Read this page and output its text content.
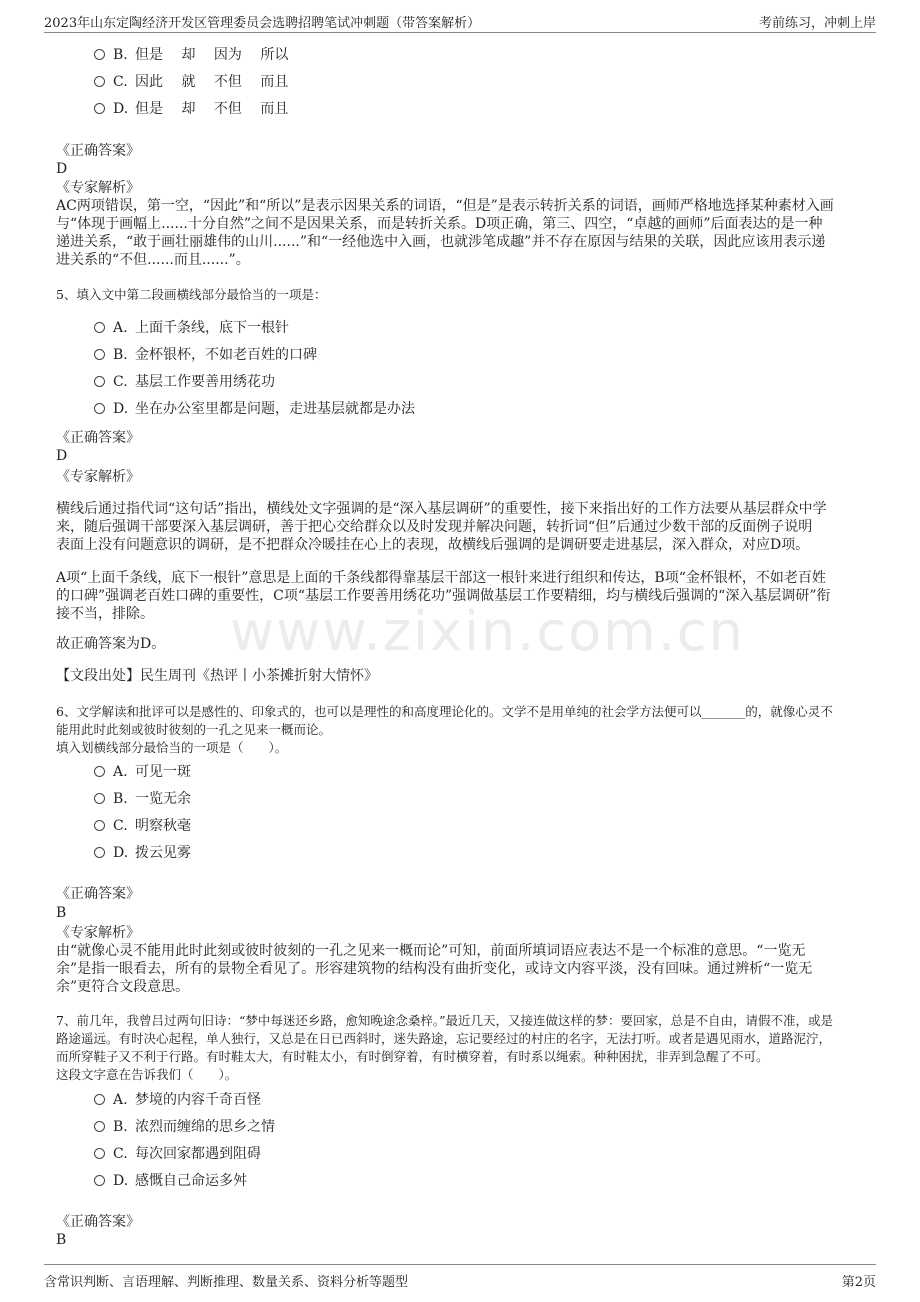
2023年山东定陶经济开发区管理委员会选聘招聘笔试冲刺题（带答案解析）	考前练习，冲刺上岸
www.zixin.com.cn
B. 但是　 却　 因为　 所以
C. 因此　 就　 不但　 而且
D. 但是　 却　 不但　 而且
《正确答案》
D
《专家解析》
AC两项错误，第一空，“因此”和“所以”是表示因果关系的词语，“但是”是表示转折关系的词语，画师严格地选择某种素材入画
与“体现于画幅上......十分自然”之间不是因果关系，而是转折关系。D项正确，第三、四空，“卓越的画师”后面表达的是一种
递进关系，“敢于画壮丽雄伟的山川......”和“一经他选中入画，也就涉笔成趣”并不存在原因与结果的关联，因此应该用表示递
进关系的“不但......而且......”。
5、填入文中第二段画横线部分最恰当的一项是：
A. 上面千条线，底下一根针
B. 金杯银杯，不如老百姓的口碑
C. 基层工作要善用绣花功
D. 坐在办公室里都是问题，走进基层就都是办法
《正确答案》
D
《专家解析》
横线后通过指代词“这句话”指出，横线处文字强调的是“深入基层调研”的重要性，接下来指出好的工作方法要从基层群众中学
来，随后强调干部要深入基层调研，善于把心交给群众以及时发现并解决问题，转折词“但”后通过少数干部的反面例子说明
表面上没有问题意识的调研，是不把群众冷暖挂在心上的表现，故横线后强调的是调研要走进基层，深入群众，对应D项。
A项“上面千条线，底下一根针”意思是上面的千条线都得靠基层干部这一根针来进行组织和传达，B项“金杯银杯，不如老百姓
的口碑”强调老百姓口碑的重要性，C项“基层工作要善用绣花功”强调做基层工作要精细，均与横线后强调的“深入基层调研”衔
接不当，排除。
故正确答案为D。
【文段出处】民生周刊《热评丨小茶摊折射大情怀》
6、文学解读和批评可以是感性的、印象式的，也可以是理性的和高度理论化的。文学不是用单纯的社会学方法便可以_______的，就像心灵不
能用此时此刻或彼时彼刻的一孔之见来一概而论。
填入划横线部分最恰当的一项是（　　）。
A. 可见一斑
B. 一览无余
C. 明察秋毫
D. 拨云见雾
《正确答案》
B
《专家解析》
由“就像心灵不能用此时此刻或彼时彼刻的一孔之见来一概而论”可知，前面所填词语应表达不是一个标准的意思。“一览无
余”是指一眼看去，所有的景物全看见了。形容建筑物的结构没有曲折变化，或诗文内容平淡，没有回味。通过辨析“一览无
余”更符合文段意思。
7、前几年，我曾吕过两句旧诗：“梦中每迷还乡路，愈知晚途念桑梓。”最近几天，又接连做这样的梦：要回家，总是不自由，请假不准，或是
路途遥远。有时决心起程，单人独行，又总是在日已西斜时，迷失路途，忘记要经过的村庄的名字，无法打听。或者是遇见雨水，道路泥泞，
而所穿鞋子又不利于行路。有时鞋太大，有时鞋太小，有时倒穿着，有时横穿着，有时系以绳索。种种困扰，非弄到急醒了不可。
这段文字意在告诉我们（　　）。
A. 梦境的内容千奇百怪
B. 浓烈而缠绵的思乡之情
C. 每次回家都遇到阻碍
D. 感慨自己命运多舛
《正确答案》
B
含常识判断、言语理解、判断推理、数量关系、资料分析等题型	第2页
